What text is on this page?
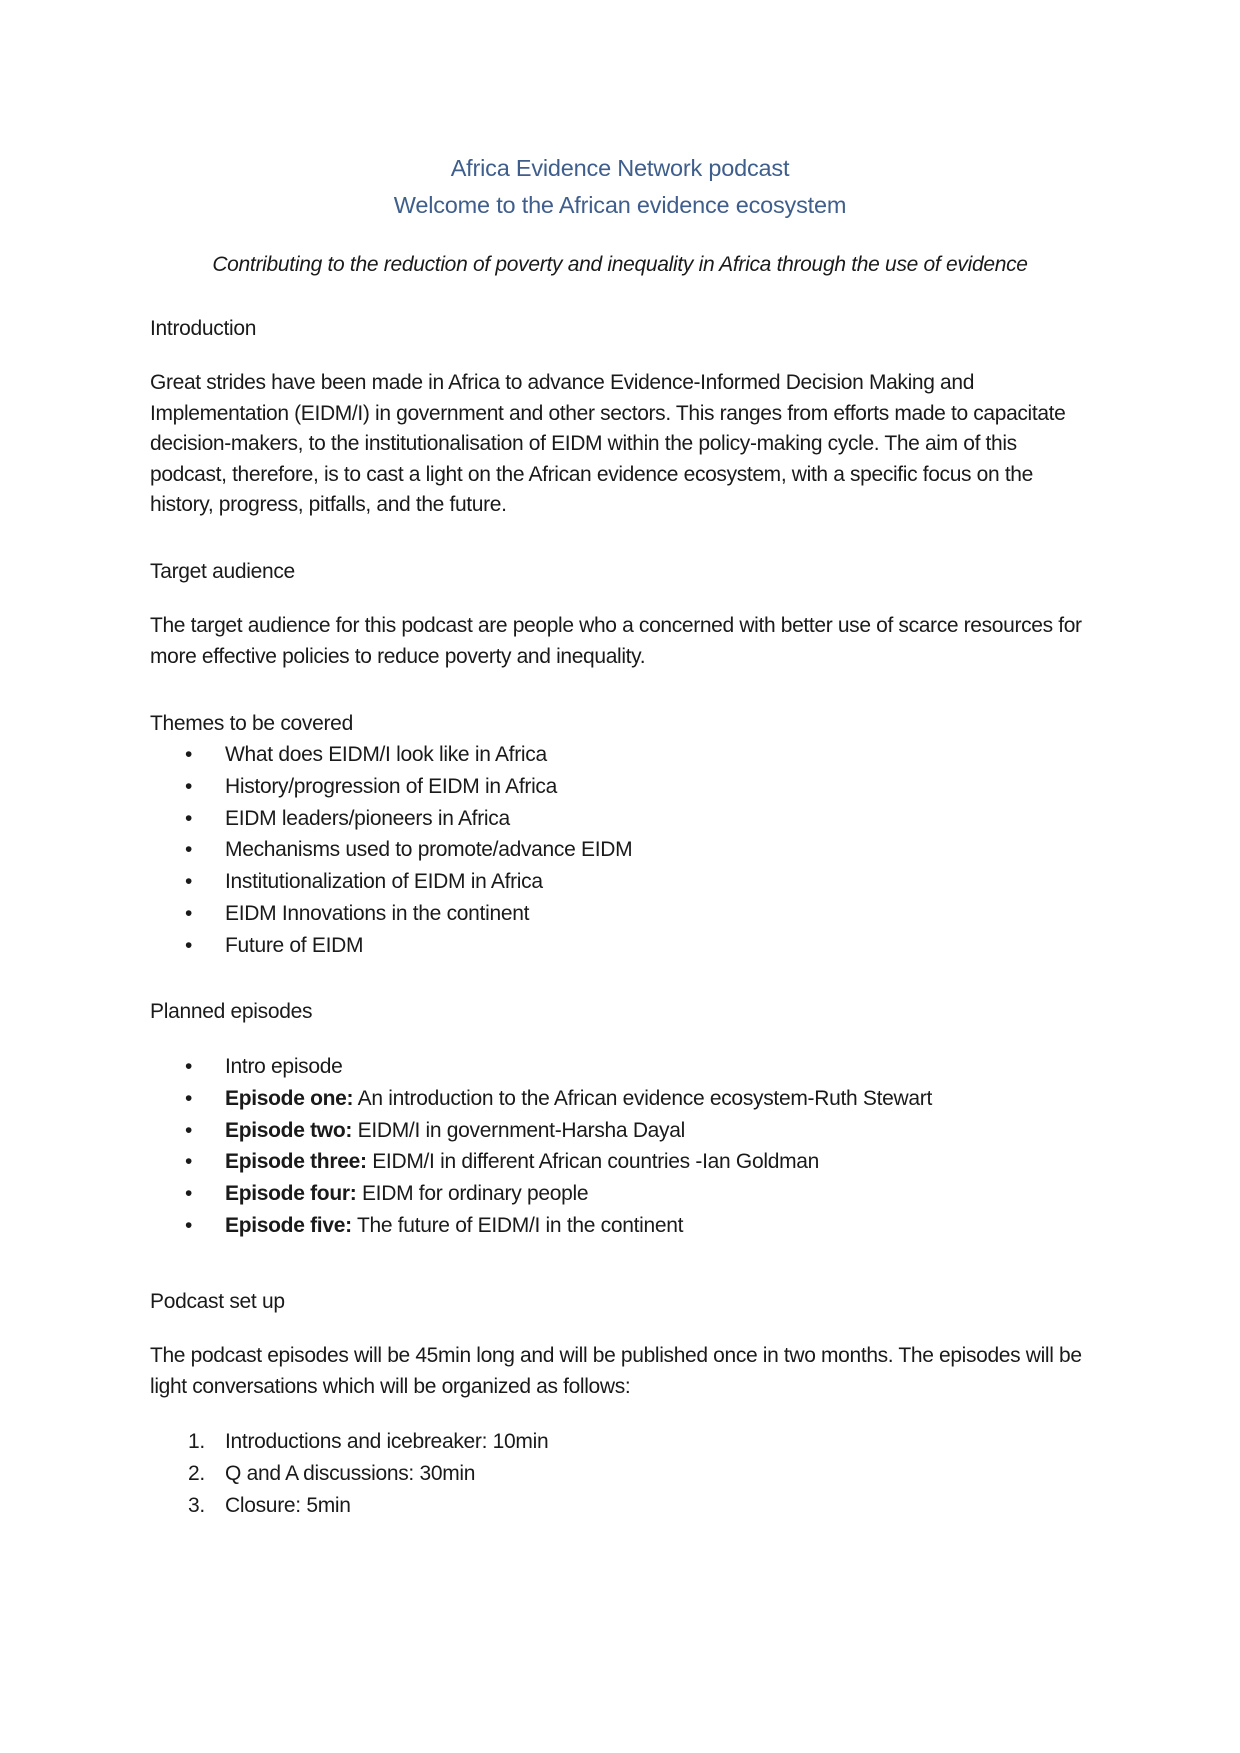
Africa Evidence Network podcast
Welcome to the African evidence ecosystem
Contributing to the reduction of poverty and inequality in Africa through the use of evidence
Introduction

Great strides have been made in Africa to advance Evidence-Informed Decision Making and Implementation (EIDM/I) in government and other sectors. This ranges from efforts made to capacitate decision-makers, to the institutionalisation of EIDM within the policy-making cycle. The aim of this podcast, therefore, is to cast a light on the African evidence ecosystem, with a specific focus on the history, progress, pitfalls, and the future.

Target audience

The target audience for this podcast are people who a concerned with better use of scarce resources for more effective policies to reduce poverty and inequality.

Themes to be covered
• What does EIDM/I look like in Africa
• History/progression of EIDM in Africa
• EIDM leaders/pioneers in Africa
• Mechanisms used to promote/advance EIDM
• Institutionalization of EIDM in Africa
• EIDM Innovations in the continent
• Future of EIDM
Planned episodes
• Intro episode
• Episode one: An introduction to the African evidence ecosystem-Ruth Stewart
• Episode two: EIDM/I in government-Harsha Dayal
• Episode three: EIDM/I in different African countries -Ian Goldman
• Episode four: EIDM for ordinary people
• Episode five: The future of EIDM/I in the continent
Podcast set up

The podcast episodes will be 45min long and will be published once in two months. The episodes will be light conversations which will be organized as follows:

1. Introductions and icebreaker: 10min
2. Q and A discussions: 30min
3. Closure: 5min
